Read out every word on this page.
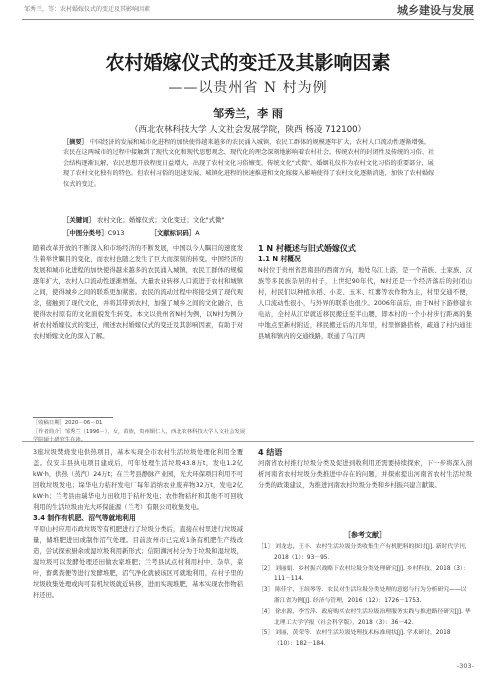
邹秀兰，等：农村婚嫁仪式的变迁及其影响因素	城乡建设与发展
农村婚嫁仪式的变迁及其影响因素
——以贵州省 N 村为例
邹秀兰，李 雨
（西北农林科技大学 人文社会发展学院，陕西 杨凌 712100）
［摘要］ 中国经济的发展和城市化进程的加快使得越来越多的农民涌入城镇，农民工群体的规模逐年扩大，农村人口流动性逐渐增强。农民在这两城市的过程中接触到了现代文化和现代思想观念，现代化的理念深刻地影响着农村社会。传统农村的封闭性及传统的习俗、社会结构逐渐瓦解，农民思想开放程度日益增大，出现了农村文化习俗嬗变，传统文化"式微"。婚姻礼仪作为农村文化习俗的重要部分，展现了农村文化独有的特色。但农村习俗的迅速发展，城镇化进程的快速推进和文化嫁接入影响使得了农村文化逐渐消逝，加快了农村婚嫁仪式的变迁。
［关键词］ 农村文化；婚嫁仪式；文化变迁；文化"式微"
［中图分类号］C913	［文献标识码］A
随着改革开放的不断深入和市场经济的不断发展，中国以今人瞩目的速度发生着举世瞩目的变化，而农村也随之发生了巨大而深刻的转变。中国经济的发展和城市化进程的加快使得越来越多的农民涌入城镇，农民工群体的规模逐年扩大，农村人口流动性逐渐增强。大量农业转移人口流进于农村和城镇之间，使得城乡之间的联系更加紧密。农民的流动过程中将接受到了现代观念，接触到了现代文化，并将其带到农村，加强了城乡之间的文化融合，也使得农村原有的文化面貌发生转变。本文以贵州省N村为例，以N村为例分析农村婚嫁仪式的变迁，阐述农村婚嫁仪式的变迁及其影响因素，有助于对农村婚嫁文化的深入了解。
1 N 村概述与旧式婚嫁仪式
1.1 N 村概况
N村位于贵州省思南县的西南方向，地处乌江上游，是一个苗族、土家族、汉族等多民族杂居的村子，上世纪90年代，N村还是一个经济落后的封闭山村，村民们以种植水稻、小麦、玉米、红薯等农作物为主，村里交通不便，人口流动性很小，与外界的联系也很少。2006年前后，由于N村下游修建水电站，全村从江岸就近移民搬迁至半山腰，即本村的一个小村步行距离的集中地点至新村附近，移民搬迁后的几年里，村里修路搭桥，疏通了村内通往县城和镇内的交通线路，联通了乌江两
［收稿日期］2020－06－01
［作者简介］邹秀兰（1996－），女，苗族，贵州铜仁人，西北农林科技大学人文社会发展学院硕士研究生在读。
3座垃圾焚烧发电供热项目，基本实现全市农村生活垃圾处理化利用全覆盖。仅安丰县执电项目建成后，可年处理生活垃圾43.8万t，发电1.2亿kW·h，供热（蒸汽）24万t；在兰考县静脉产业园，光大环保项目利用不可回收垃圾发电；垛华电力秸秆发电厂每年消纳农业废弃物32万t，发电2亿kW·h；兰考县由瑞华电力田收用于秸秆发电；农作物秸秆和其他不可回收利用的生活垃圾由光大环保能源（兰考）有限公司收集发电。
3.4 制作有机肥、沼气等就地利用
平原山村应用市政垃圾等有机肥进行了垃圾分类后，直接在村里进行垃圾减量，储堆肥进田或制作沼气处理。目前汝州市已完成1条有机肥生产线改造，尝试探索厨余或湿垃圾利用新形式；信阳浉河村分为于垃圾和湿垃圾，湿垃圾可以发酵处理还田做农家堆肥；兰考县试点村利用村中、杂草，菜叶，畜禽粪便等进行发酵堆肥，沼气净化就被该区可就地利用，在村子里的垃圾收集处理或肉可有机垃圾就近转移，进而实现堆肥，基本实现农作物秸秆还田。
4 结语
河南省农村推行垃圾分类及促进到收利用还需要持续探索，下一步将深入剖析河南省农村垃圾分类推进中存在的问题，并探索提出河南省农村生活垃圾分类的政策建议，为推进河南农村垃圾分类和乡村振兴建言献策。
［参考文献］
［1］ 刘龙忠，王丰．农村生活垃圾分类收集生产有机肥料的探讨[J]. 新时代学刊，2018（1）：93－95.
［2］ 刘丽娟．乡村振兴战略下农村垃圾分类处理研究[J]. 乡村科技，2018（3）：111－114.
［3］ 陈佳宇，王缤琴等．农民对生活垃圾分类处理的意愿与行为分析研究——以浙江省为例[J]. 经济与管理，2016（12）：1726－1753.
［4］ 徐水源，李雪萍．政府购买农村生活垃圾治理服务实践与推进路径研究[J]. 华北理工大学学报（社会科学版），2018（3）：36－42.
［5］ 刘丽，黄荣等．农村生活垃圾处理技术标准现状[J]. 学术研讨，2018（10）：182－184.
-303-
